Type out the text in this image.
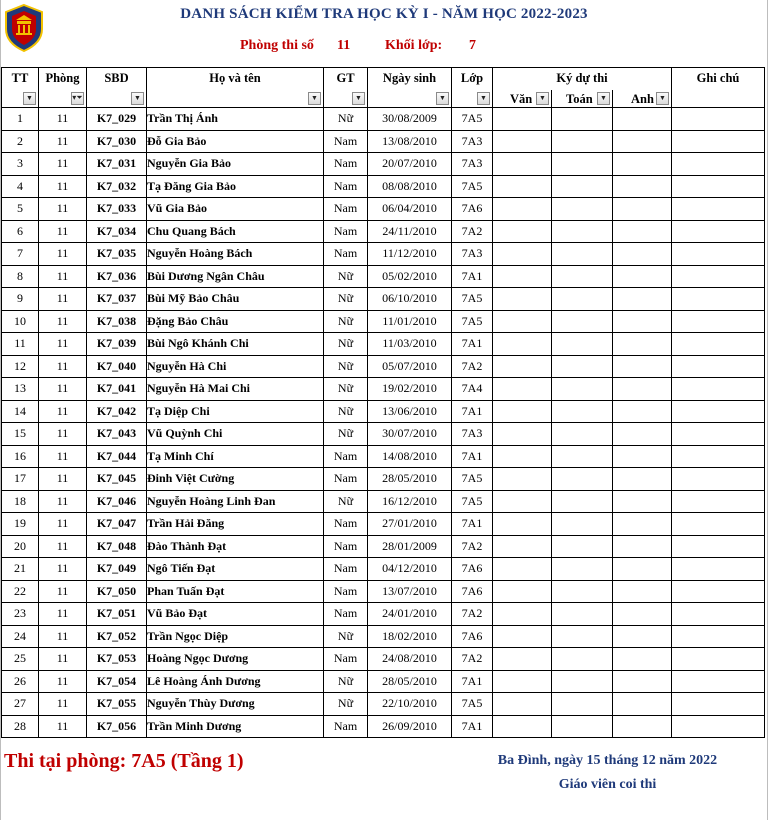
DANH SÁCH KIỂM TRA HỌC KỲ I - NĂM HỌC 2022-2023
Phòng thi số 11 Khối lớp: 7
TT	Phòng	SBD	Họ và tên	GT	Ngày sinh	Lớp	Ký dự thi			Ghi chú

▼	▾⏷	▼	▼	▼	▼	▼	Văn ▼	Toán ▼	Anh ▼	

1	11	K7_029	Trần Thị Ánh	Nữ	30/08/2009	7A5				
2	11	K7_030	Đỗ Gia Bảo	Nam	13/08/2010	7A3				
3	11	K7_031	Nguyễn Gia Bảo	Nam	20/07/2010	7A3				
4	11	K7_032	Tạ Đăng Gia Bảo	Nam	08/08/2010	7A5				
5	11	K7_033	Vũ Gia Bảo	Nam	06/04/2010	7A6				
6	11	K7_034	Chu Quang Bách	Nam	24/11/2010	7A2				
7	11	K7_035	Nguyễn Hoàng Bách	Nam	11/12/2010	7A3				
8	11	K7_036	Bùi Dương Ngân Châu	Nữ	05/02/2010	7A1				
9	11	K7_037	Bùi Mỹ Bảo Châu	Nữ	06/10/2010	7A5				
10	11	K7_038	Đặng Bảo Châu	Nữ	11/01/2010	7A5				
11	11	K7_039	Bùi Ngô Khánh Chi	Nữ	11/03/2010	7A1				
12	11	K7_040	Nguyễn Hà Chi	Nữ	05/07/2010	7A2				
13	11	K7_041	Nguyễn Hà Mai Chi	Nữ	19/02/2010	7A4				
14	11	K7_042	Tạ Diệp Chi	Nữ	13/06/2010	7A1				
15	11	K7_043	Vũ Quỳnh Chi	Nữ	30/07/2010	7A3				
16	11	K7_044	Tạ Minh Chí	Nam	14/08/2010	7A1				
17	11	K7_045	Đinh Việt Cường	Nam	28/05/2010	7A5				
18	11	K7_046	Nguyễn Hoàng Linh Đan	Nữ	16/12/2010	7A5				
19	11	K7_047	Trần Hải Đăng	Nam	27/01/2010	7A1				
20	11	K7_048	Đào Thành Đạt	Nam	28/01/2009	7A2				
21	11	K7_049	Ngô Tiến Đạt	Nam	04/12/2010	7A6				
22	11	K7_050	Phan Tuấn Đạt	Nam	13/07/2010	7A6				
23	11	K7_051	Vũ Bảo Đạt	Nam	24/01/2010	7A2				
24	11	K7_052	Trần Ngọc Diệp	Nữ	18/02/2010	7A6				
25	11	K7_053	Hoàng Ngọc Dương	Nam	24/08/2010	7A2				
26	11	K7_054	Lê Hoàng Ánh Dương	Nữ	28/05/2010	7A1				
27	11	K7_055	Nguyễn Thùy Dương	Nữ	22/10/2010	7A5				
28	11	K7_056	Trần Minh Dương	Nam	26/09/2010	7A1				
Thi tại phòng: 7A5 (Tầng 1)	Ba Đình, ngày 15 tháng 12 năm 2022
Giáo viên coi thi
